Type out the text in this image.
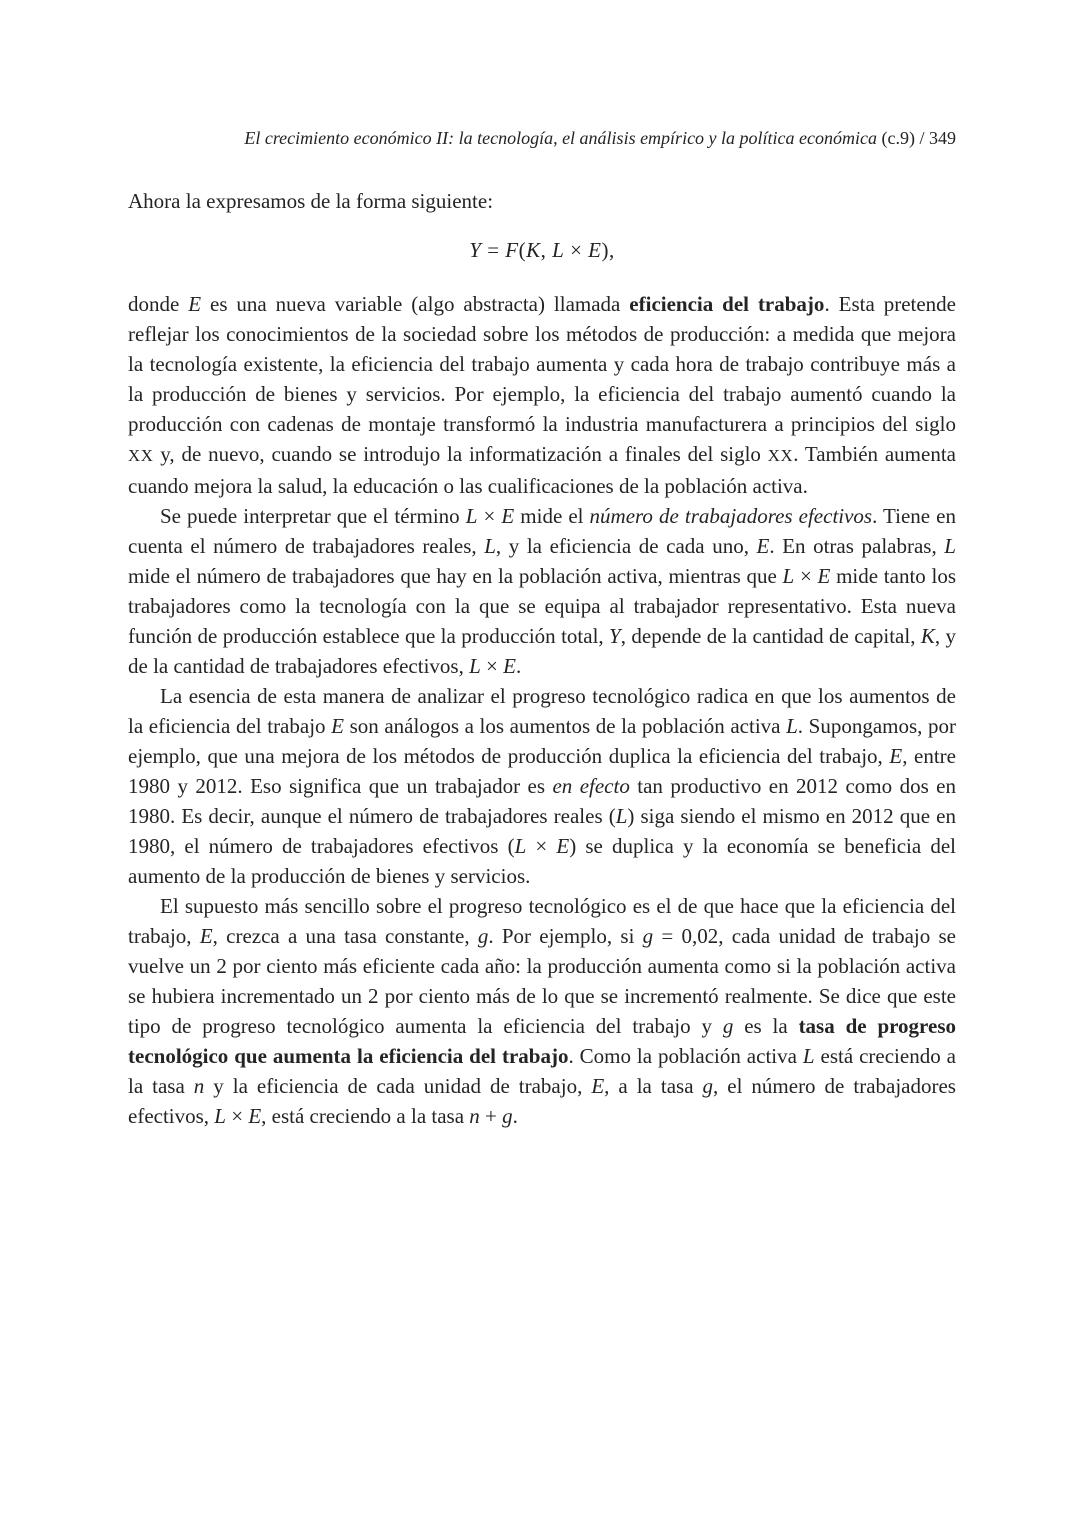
El crecimiento económico II: la tecnología, el análisis empírico y la política económica (c.9) / 349

Ahora la expresamos de la forma siguiente:

Y = F(K, L × E),

donde E es una nueva variable (algo abstracta) llamada eficiencia del trabajo. Esta pretende reflejar los conocimientos de la sociedad sobre los métodos de producción: a medida que mejora la tecnología existente, la eficiencia del trabajo aumenta y cada hora de trabajo contribuye más a la producción de bienes y servicios. Por ejemplo, la eficiencia del trabajo aumentó cuando la producción con cadenas de montaje transformó la industria manufacturera a principios del siglo XX y, de nuevo, cuando se introdujo la informatización a finales del siglo XX. También aumenta cuando mejora la salud, la educación o las cualificaciones de la población activa.

Se puede interpretar que el término L × E mide el número de trabajadores efectivos. Tiene en cuenta el número de trabajadores reales, L, y la eficiencia de cada uno, E. En otras palabras, L mide el número de trabajadores que hay en la población activa, mientras que L × E mide tanto los trabajadores como la tecnología con la que se equipa al trabajador representativo. Esta nueva función de producción establece que la producción total, Y, depende de la cantidad de capital, K, y de la cantidad de trabajadores efectivos, L × E.

La esencia de esta manera de analizar el progreso tecnológico radica en que los aumentos de la eficiencia del trabajo E son análogos a los aumentos de la población activa L. Supongamos, por ejemplo, que una mejora de los métodos de producción duplica la eficiencia del trabajo, E, entre 1980 y 2012. Eso significa que un trabajador es en efecto tan productivo en 2012 como dos en 1980. Es decir, aunque el número de trabajadores reales (L) siga siendo el mismo en 2012 que en 1980, el número de trabajadores efectivos (L × E) se duplica y la economía se beneficia del aumento de la producción de bienes y servicios.

El supuesto más sencillo sobre el progreso tecnológico es el de que hace que la eficiencia del trabajo, E, crezca a una tasa constante, g. Por ejemplo, si g = 0,02, cada unidad de trabajo se vuelve un 2 por ciento más eficiente cada año: la producción aumenta como si la población activa se hubiera incrementado un 2 por ciento más de lo que se incrementó realmente. Se dice que este tipo de progreso tecnológico aumenta la eficiencia del trabajo y g es la tasa de progreso tecnológico que aumenta la eficiencia del trabajo. Como la población activa L está creciendo a la tasa n y la eficiencia de cada unidad de trabajo, E, a la tasa g, el número de trabajadores efectivos, L × E, está creciendo a la tasa n + g.
